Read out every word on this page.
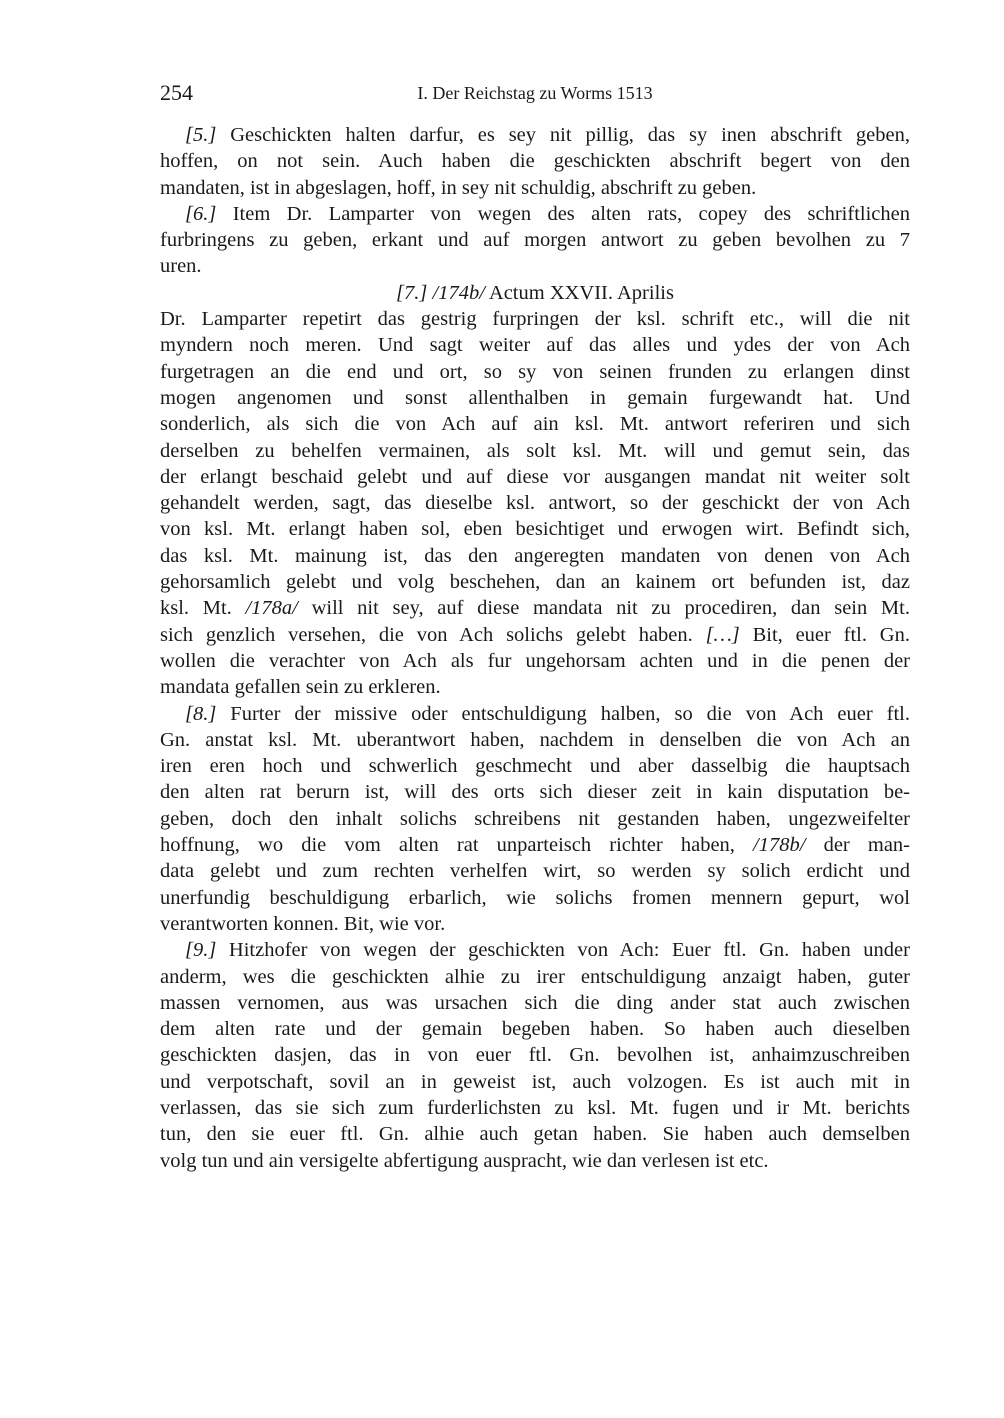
254	I. Der Reichstag zu Worms 1513
[5.] Geschickten halten darfur, es sey nit pillig, das sy inen abschrift geben,
hoffen, on not sein. Auch haben die geschickten abschrift begert von den
mandaten, ist in abgeslagen, hoff, in sey nit schuldig, abschrift zu geben.
[6.] Item Dr. Lamparter von wegen des alten rats, copey des schriftlichen
furbringens zu geben, erkant und auf morgen antwort zu geben bevolhen zu 7
uren.
[7.] /174b/ Actum XXVII. Aprilis
Dr. Lamparter repetirt das gestrig furpringen der ksl. schrift etc., will die nit
myndern noch meren. Und sagt weiter auf das alles und ydes der von Ach
furgetragen an die end und ort, so sy von seinen frunden zu erlangen dinst
mogen angenomen und sonst allenthalben in gemain furgewandt hat. Und
sonderlich, als sich die von Ach auf ain ksl. Mt. antwort referiren und sich
derselben zu behelfen vermainen, als solt ksl. Mt. will und gemut sein, das
der erlangt beschaid gelebt und auf diese vor ausgangen mandat nit weiter solt
gehandelt werden, sagt, das dieselbe ksl. antwort, so der geschickt der von Ach
von ksl. Mt. erlangt haben sol, eben besichtiget und erwogen wirt. Befindt sich,
das ksl. Mt. mainung ist, das den angeregten mandaten von denen von Ach
gehorsamlich gelebt und volg beschehen, dan an kainem ort befunden ist, daz
ksl. Mt. /178a/ will nit sey, auf diese mandata nit zu procediren, dan sein Mt.
sich genzlich versehen, die von Ach solichs gelebt haben. […] Bit, euer ftl. Gn.
wollen die verachter von Ach als fur ungehorsam achten und in die penen der
mandata gefallen sein zu erkleren.
[8.] Furter der missive oder entschuldigung halben, so die von Ach euer ftl.
Gn. anstat ksl. Mt. uberantwort haben, nachdem in denselben die von Ach an
iren eren hoch und schwerlich geschmecht und aber dasselbig die hauptsach
den alten rat berurn ist, will des orts sich dieser zeit in kain disputation be-
geben, doch den inhalt solichs schreibens nit gestanden haben, ungezweifelter
hoffnung, wo die vom alten rat unparteisch richter haben, /178b/ der man-
data gelebt und zum rechten verhelfen wirt, so werden sy solich erdicht und
unerfundig beschuldigung erbarlich, wie solichs fromen mennern gepurt, wol
verantworten konnen. Bit, wie vor.
[9.] Hitzhofer von wegen der geschickten von Ach: Euer ftl. Gn. haben under
anderm, wes die geschickten alhie zu irer entschuldigung anzaigt haben, guter
massen vernomen, aus was ursachen sich die ding ander stat auch zwischen
dem alten rate und der gemain begeben haben. So haben auch dieselben
geschickten dasjen, das in von euer ftl. Gn. bevolhen ist, anhaimzuschreiben
und verpotschaft, sovil an in geweist ist, auch volzogen. Es ist auch mit in
verlassen, das sie sich zum furderlichsten zu ksl. Mt. fugen und ir Mt. berichts
tun, den sie euer ftl. Gn. alhie auch getan haben. Sie haben auch demselben
volg tun und ain versigelte abfertigung auspracht, wie dan verlesen ist etc.
